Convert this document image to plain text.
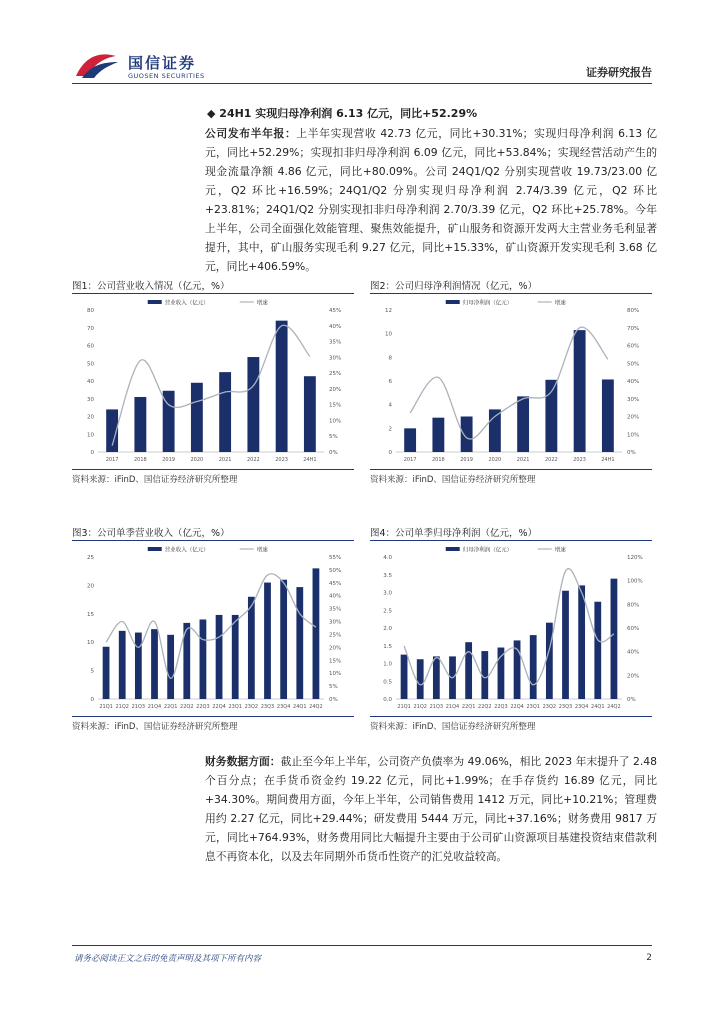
国信证券
GUOSEN SECURITIES	证券研究报告
◆ 24H1 实现归母净利润 6.13 亿元，同比+52.29%
公司发布半年报：上半年实现营收 42.73 亿元，同比+30.31%；实现归母净利润 6.13 亿元，同比+52.29%；实现扣非归母净利润 6.09 亿元，同比+53.84%；实现经营活动产生的现金流量净额 4.86 亿元，同比+80.09%。公司 24Q1/Q2 分别实现营收 19.73/23.00 亿元，Q2 环比+16.59%；24Q1/Q2 分别实现归母净利润 2.74/3.39 亿元，Q2 环比+23.81%；24Q1/Q2 分别实现扣非归母净利润 2.70/3.39 亿元，Q2 环比+25.78%。今年上半年，公司全面强化效能管理、聚焦效能提升，矿山服务和资源开发两大主营业务毛利显著提升，其中，矿山服务实现毛利 9.27 亿元，同比+15.33%，矿山资源开发实现毛利 3.68 亿元，同比+406.59%。
图1：公司营业收入情况（亿元，%）	图2：公司归母净利润情况（亿元，%）
图3：公司单季营业收入（亿元，%）	图4：公司单季归母净利润（亿元，%）
0
10
20
30
40
50
60
70
80
0%
5%
10%
15%
20%
25%
30%
35%
40%
45%
营业收入（亿元）	增速
2017	2018	2019	2020	2021	2022	2023	24H1
0
2
4
6
8
10
12
0%
10%
20%
30%
40%
50%
60%
70%
80%
归母净利润（亿元）	增速
2017	2018	2019	2020	2021	2022	2023	24H1
0
5
10
15
20
25
0%
5%
10%
15%
20%
25%
30%
35%
40%
45%
50%
55%
营业收入（亿元）	增速
21Q1 21Q2 21Q3 21Q4 22Q1 22Q2 22Q3 22Q4 23Q1 23Q2 23Q3 23Q4 24Q1 24Q2
0.0
0.5
1.0
1.5
2.0
2.5
3.0
3.5
4.0
0%
20%
40%
60%
80%
100%
120%
归母净利润（亿元）	增速
21Q1 21Q2 21Q3 21Q4 22Q1 22Q2 22Q3 22Q4 23Q1 23Q2 23Q3 23Q4 24Q1 24Q2
资料来源：iFinD、国信证券经济研究所整理	资料来源：iFinD、国信证券经济研究所整理
资料来源：iFinD、国信证券经济研究所整理	资料来源：iFinD、国信证券经济研究所整理
财务数据方面：截止至今年上半年，公司资产负债率为 49.06%，相比 2023 年末提升了 2.48 个百分点；在手货币资金约 19.22 亿元，同比+1.99%；在手存货约 16.89 亿元，同比+34.30%。期间费用方面，今年上半年，公司销售费用 1412 万元，同比+10.21%；管理费用约 2.27 亿元，同比+29.44%；研发费用 5444 万元，同比+37.16%；财务费用 9817 万元，同比+764.93%，财务费用同比大幅提升主要由于公司矿山资源项目基建投资结束借款利息不再资本化，以及去年同期外币货币性资产的汇兑收益较高。
请务必阅读正文之后的免责声明及其项下所有内容	2
